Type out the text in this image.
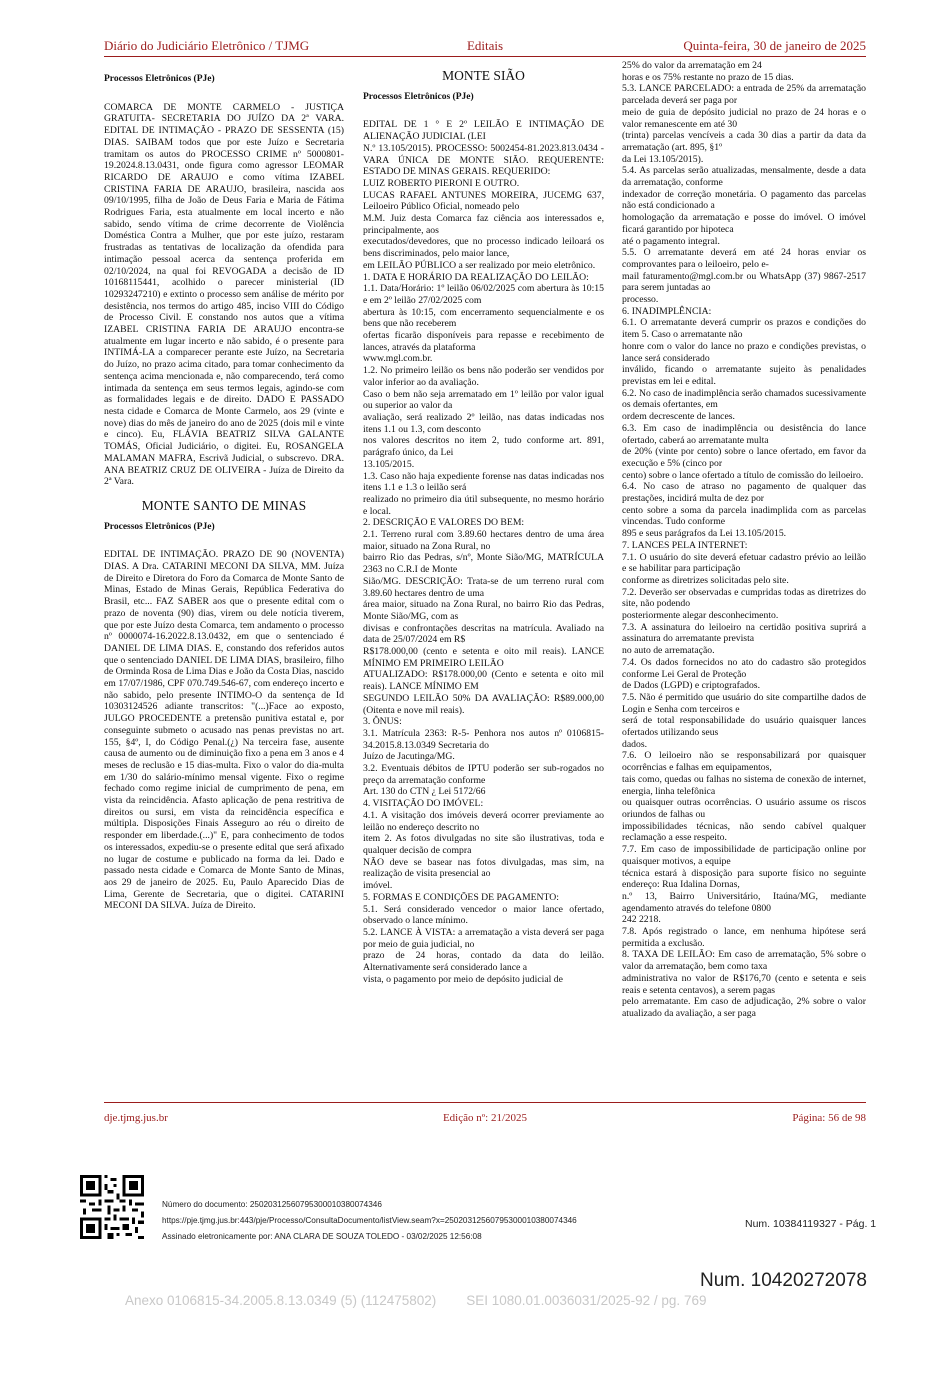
Diário do Judiciário Eletrônico / TJMG	Editais	Quinta-feira, 30 de janeiro de 2025
Processos Eletrônicos (PJe)

COMARCA DE MONTE CARMELO - JUSTIÇA GRATUITA- SECRETARIA DO JUÍZO DA 2ª VARA. EDITAL DE INTIMAÇÃO - PRAZO DE SESSENTA (15) DIAS. SAIBAM todos que por este Juízo e Secretaria tramitam os autos do PROCESSO CRIME nº 5000801-19.2024.8.13.0431, onde figura como agressor LEOMAR RICARDO DE ARAUJO e como vítima IZABEL CRISTINA FARIA DE ARAUJO, brasileira, nascida aos 09/10/1995, filha de João de Deus Faria e Maria de Fátima Rodrigues Faria, esta atualmente em local incerto e não sabido, sendo vítima de crime decorrente de Violência Doméstica Contra a Mulher, que por este juízo, restaram frustradas as tentativas de localização da ofendida para intimação pessoal acerca da sentença proferida em 02/10/2024, na qual foi REVOGADA a decisão de ID 10168115441, acolhido o parecer ministerial (ID 10293247210) e extinto o processo sem análise de mérito por desistência, nos termos do artigo 485, inciso VIII do Código de Processo Civil. E constando nos autos que a vítima IZABEL CRISTINA FARIA DE ARAUJO encontra-se atualmente em lugar incerto e não sabido, é o presente para INTIMÁ-LA a comparecer perante este Juízo, na Secretaria do Juízo, no prazo acima citado, para tomar conhecimento da sentença acima mencionada e, não comparecendo, terá como intimada da sentença em seus termos legais, agindo-se com as formalidades legais e de direito. DADO E PASSADO nesta cidade e Comarca de Monte Carmelo, aos 29 (vinte e nove) dias do mês de janeiro do ano de 2025 (dois mil e vinte e cinco). Eu, FLÁVIA BEATRIZ SILVA GALANTE TOMÁS, Oficial Judiciário, o digitei. Eu, ROSANGELA MALAMAN MAFRA, Escrivã Judicial, o subscrevo. DRA. ANA BEATRIZ CRUZ DE OLIVEIRA - Juíza de Direito da 2ª Vara.

MONTE SANTO DE MINAS
Processos Eletrônicos (PJe)

EDITAL DE INTIMAÇÃO. PRAZO DE 90 (NOVENTA) DIAS. A Dra. CATARINI MECONI DA SILVA, MM. Juíza de Direito e Diretora do Foro da Comarca de Monte Santo de Minas, Estado de Minas Gerais, República Federativa do Brasil, etc... FAZ SABER aos que o presente edital com o prazo de noventa (90) dias, virem ou dele notícia tiverem, que por este Juízo desta Comarca, tem andamento o processo nº 0000074-16.2022.8.13.0432, em que o sentenciado é DANIEL DE LIMA DIAS. E, constando dos referidos autos que o sentenciado DANIEL DE LIMA DIAS, brasileiro, filho de Orminda Rosa de Lima Dias e João da Costa Dias, nascido em 17/07/1986, CPF 070.749.546-67, com endereço incerto e não sabido, pelo presente INTIMO-O da sentença de Id 10303124526 adiante transcritos: "(...)Face ao exposto, JULGO PROCEDENTE a pretensão punitiva estatal e, por conseguinte submeto o acusado nas penas previstas no art. 155, §4º, I, do Código Penal.(¿) Na terceira fase, ausente causa de aumento ou de diminuição fixo a pena em 3 anos e 4 meses de reclusão e 15 dias-multa. Fixo o valor do dia-multa em 1/30 do salário-mínimo mensal vigente. Fixo o regime fechado como regime inicial de cumprimento de pena, em vista da reincidência. Afasto aplicação de pena restritiva de direitos ou sursi, em vista da reincidência específica e múltipla. Disposições Finais Asseguro ao réu o direito de responder em liberdade.(...)" E, para conhecimento de todos os interessados, expediu-se o presente edital que será afixado no lugar de costume e publicado na forma da lei. Dado e passado nesta cidade e Comarca de Monte Santo de Minas, aos 29 de janeiro de 2025. Eu, Paulo Aparecido Dias de Lima, Gerente de Secretaria, que o digitei. CATARINI MECONI DA SILVA. Juíza de Direito.

MONTE SIÃO
Processos Eletrônicos (PJe)

EDITAL DE 1 ° E 2º LEILÃO E INTIMAÇÃO DE ALIENAÇÃO JUDICIAL (LEI
N.º 13.105/2015). PROCESSO: 5002454-81.2023.813.0434 - VARA ÚNICA DE MONTE SIÃO. REQUERENTE: ESTADO DE MINAS GERAIS. REQUERIDO:
LUIZ ROBERTO PIERONI E OUTRO.
LUCAS RAFAEL ANTUNES MOREIRA, JUCEMG 637, Leiloeiro Público Oficial, nomeado pelo
M.M. Juiz desta Comarca faz ciência aos interessados e, principalmente, aos
executados/devedores, que no processo indicado leiloará os bens discriminados, pelo maior lance,
em LEILÃO PÚBLICO a ser realizado por meio eletrônico.
1. DATA E HORÁRIO DA REALIZAÇÃO DO LEILÃO:
1.1. Data/Horário: 1º leilão 06/02/2025 com abertura às 10:15 e em 2º leilão 27/02/2025 com
abertura às 10:15, com encerramento sequencialmente e os bens que não receberem
ofertas ficarão disponíveis para repasse e recebimento de lances, através da plataforma
www.mgl.com.br.
1.2. No primeiro leilão os bens não poderão ser vendidos por valor inferior ao da avaliação.
Caso o bem não seja arrematado em 1º leilão por valor igual ou superior ao valor da
avaliação, será realizado 2º leilão, nas datas indicadas nos itens 1.1 ou 1.3, com desconto
nos valores descritos no item 2, tudo conforme art. 891, parágrafo único, da Lei
13.105/2015.
1.3. Caso não haja expediente forense nas datas indicadas nos itens 1.1 e 1.3 o leilão será
realizado no primeiro dia útil subsequente, no mesmo horário e local.
2. DESCRIÇÃO E VALORES DO BEM:
2.1. Terreno rural com 3.89.60 hectares dentro de uma área maior, situado na Zona Rural, no
bairro Rio das Pedras, s/nº, Monte Sião/MG, MATRÍCULA 2363 no C.R.I de Monte
Sião/MG. DESCRIÇÃO: Trata-se de um terreno rural com 3.89.60 hectares dentro de uma
área maior, situado na Zona Rural, no bairro Rio das Pedras, Monte Sião/MG, com as
divisas e confrontações descritas na matrícula. Avaliado na data de 25/07/2024 em R$
R$178.000,00 (cento e setenta e oito mil reais). LANCE MÍNIMO EM PRIMEIRO LEILÃO
ATUALIZADO: R$178.000,00 (Cento e setenta e oito mil reais). LANCE MÍNIMO EM
SEGUNDO LEILÃO 50% DA AVALIAÇÃO: R$89.000,00 (Oitenta e nove mil reais).
3. ÔNUS:
3.1. Matrícula 2363: R-5- Penhora nos autos nº 0106815- 34.2015.8.13.0349 Secretaria do
Juízo de Jacutinga/MG.
3.2. Eventuais débitos de IPTU poderão ser sub-rogados no preço da arrematação conforme
Art. 130 do CTN ¿ Lei 5172/66
4. VISITAÇÃO DO IMÓVEL:
4.1. A visitação dos imóveis deverá ocorrer previamente ao leilão no endereço descrito no
item 2. As fotos divulgadas no site são ilustrativas, toda e qualquer decisão de compra
NÃO deve se basear nas fotos divulgadas, mas sim, na realização de visita presencial ao
imóvel.
5. FORMAS E CONDIÇÕES DE PAGAMENTO:
5.1. Será considerado vencedor o maior lance ofertado, observado o lance mínimo.
5.2. LANCE À VISTA: a arrematação a vista deverá ser paga por meio de guia judicial, no
prazo de 24 horas, contado da data do leilão. Alternativamente será considerado lance a
vista, o pagamento por meio de depósito judicial de

25% do valor da arrematação em 24
horas e os 75% restante no prazo de 15 dias.
5.3. LANCE PARCELADO: a entrada de 25% da arrematação parcelada deverá ser paga por
meio de guia de depósito judicial no prazo de 24 horas e o valor remanescente em até 30
(trinta) parcelas vencíveis a cada 30 dias a partir da data da arrematação (art. 895, §1º
da Lei 13.105/2015).
5.4. As parcelas serão atualizadas, mensalmente, desde a data da arrematação, conforme
indexador de correção monetária. O pagamento das parcelas não está condicionado a
homologação da arrematação e posse do imóvel. O imóvel ficará garantido por hipoteca
até o pagamento integral.
5.5. O arrematante deverá em até 24 horas enviar os comprovantes para o leiloeiro, pelo e-
mail faturamento@mgl.com.br ou WhatsApp (37) 9867-2517 para serem juntadas ao
processo.
6. INADIMPLÊNCIA:
6.1. O arrematante deverá cumprir os prazos e condições do item 5. Caso o arrematante não
honre com o valor do lance no prazo e condições previstas, o lance será considerado
inválido, ficando o arrematante sujeito às penalidades previstas em lei e edital.
6.2. No caso de inadimplência serão chamados sucessivamente os demais ofertantes, em
ordem decrescente de lances.
6.3. Em caso de inadimplência ou desistência do lance ofertado, caberá ao arrematante multa
de 20% (vinte por cento) sobre o lance ofertado, em favor da execução e 5% (cinco por
cento) sobre o lance ofertado a título de comissão do leiloeiro.
6.4. No caso de atraso no pagamento de qualquer das prestações, incidirá multa de dez por
cento sobre a soma da parcela inadimplida com as parcelas vincendas. Tudo conforme
895 e seus parágrafos da Lei 13.105/2015.
7. LANCES PELA INTERNET:
7.1. O usuário do site deverá efetuar cadastro prévio ao leilão e se habilitar para participação
conforme as diretrizes solicitadas pelo site.
7.2. Deverão ser observadas e cumpridas todas as diretrizes do site, não podendo
posteriormente alegar desconhecimento.
7.3. A assinatura do leiloeiro na certidão positiva suprirá a assinatura do arrematante prevista
no auto de arrematação.
7.4. Os dados fornecidos no ato do cadastro são protegidos conforme Lei Geral de Proteção
de Dados (LGPD) e criptografados.
7.5. Não é permitido que usuário do site compartilhe dados de Login e Senha com terceiros e
será de total responsabilidade do usuário quaisquer lances ofertados utilizando seus
dados.
7.6. O leiloeiro não se responsabilizará por quaisquer ocorrências e falhas em equipamentos,
tais como, quedas ou falhas no sistema de conexão de internet, energia, linha telefônica
ou quaisquer outras ocorrências. O usuário assume os riscos oriundos de falhas ou
impossibilidades técnicas, não sendo cabível qualquer reclamação a esse respeito.
7.7. Em caso de impossibilidade de participação online por quaisquer motivos, a equipe
técnica estará à disposição para suporte físico no seguinte endereço: Rua Idalina Dornas,
n.º 13, Bairro Universitário, Itaúna/MG, mediante agendamento através do telefone 0800
242 2218.
7.8. Após registrado o lance, em nenhuma hipótese será permitida a exclusão.
8. TAXA DE LEILÃO: Em caso de arrematação, 5% sobre o valor da arrematação, bem como taxa
administrativa no valor de R$176,70 (cento e setenta e seis reais e setenta centavos), a serem pagas
pelo arrematante. Em caso de adjudicação, 2% sobre o valor atualizado da avaliação, a ser paga

dje.tjmg.jus.br	Edição nº: 21/2025	Página: 56 de 98
Número do documento: 25020312560795300010380074346
https://pje.tjmg.jus.br:443/pje/Processo/ConsultaDocumento/listView.seam?x=25020312560795300010380074346
Assinado eletronicamente por: ANA CLARA DE SOUZA TOLEDO - 03/02/2025 12:56:08
Num. 10384119327 - Pág. 1
Num. 10420272078
Anexo 0106815-34.2005.8.13.0349 (5) (112475802)        SEI 1080.01.0036031/2025-92 / pg. 769
